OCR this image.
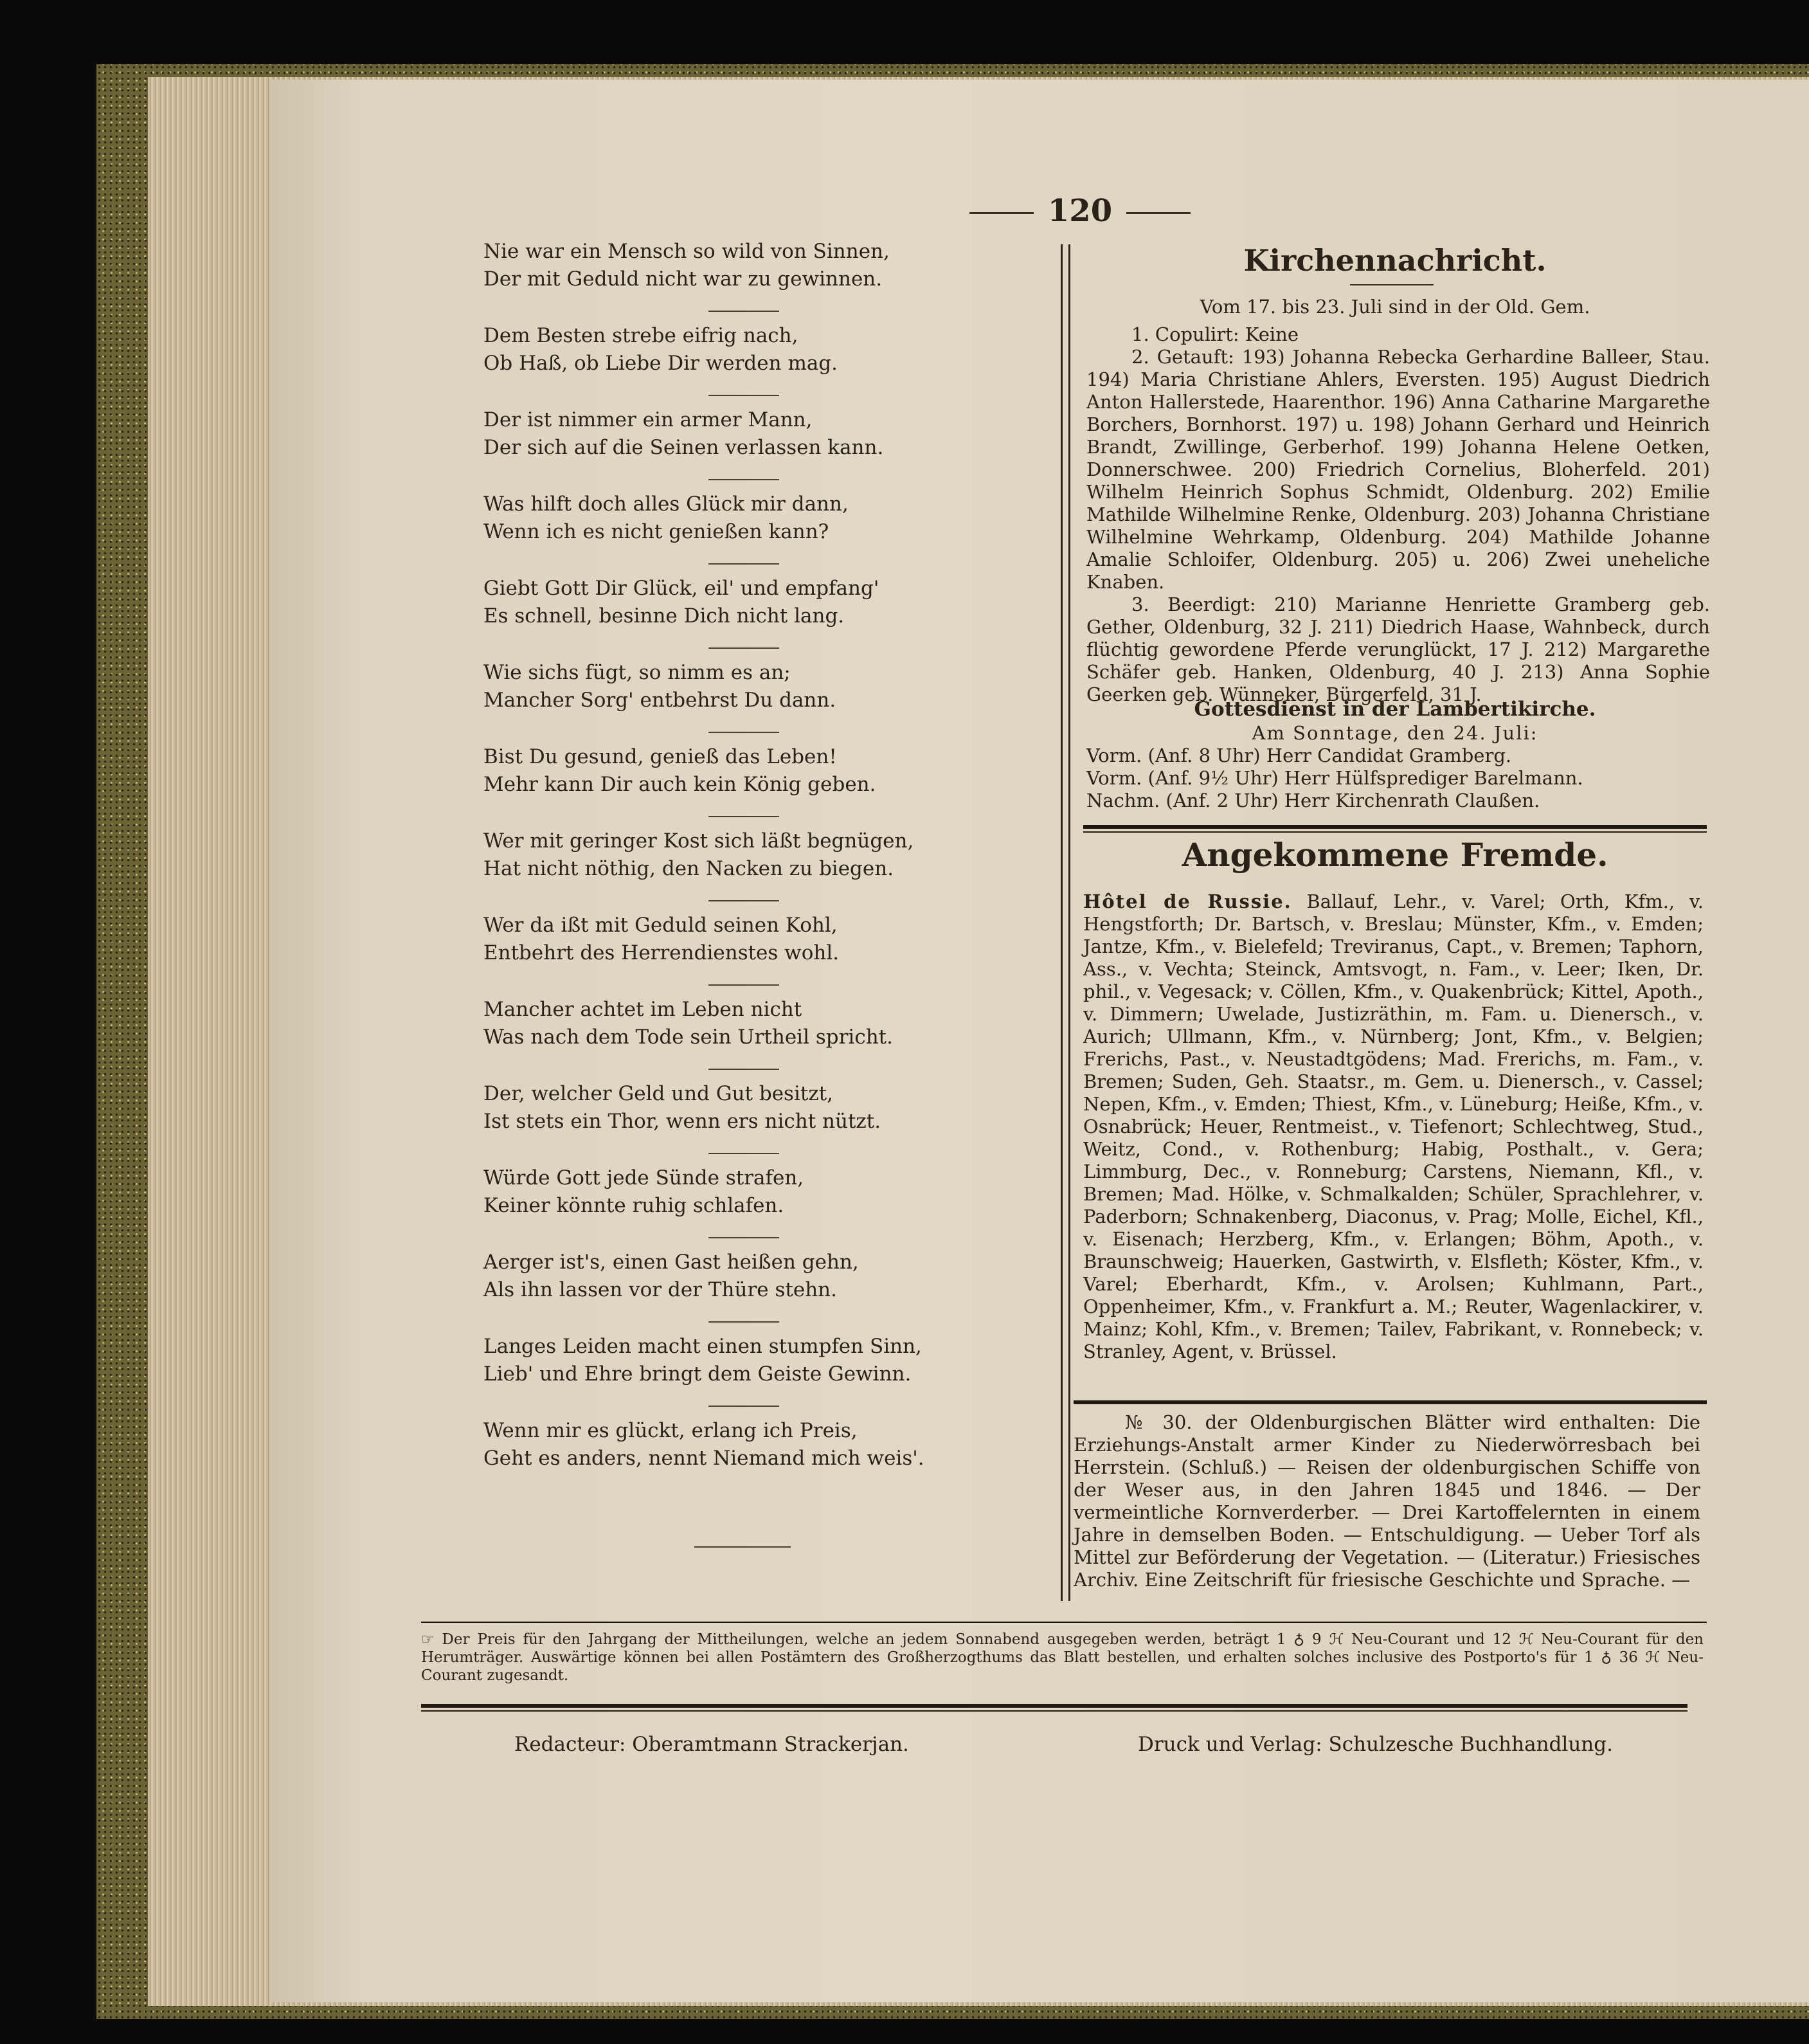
120
Nie war ein Mensch so wild von Sinnen,
Der mit Geduld nicht war zu gewinnen.
Dem Besten strebe eifrig nach,
Ob Haß, ob Liebe Dir werden mag.
Der ist nimmer ein armer Mann,
Der sich auf die Seinen verlassen kann.
Was hilft doch alles Glück mir dann,
Wenn ich es nicht genießen kann?
Giebt Gott Dir Glück, eil' und empfang'
Es schnell, besinne Dich nicht lang.
Wie sichs fügt, so nimm es an;
Mancher Sorg' entbehrst Du dann.
Bist Du gesund, genieß das Leben!
Mehr kann Dir auch kein König geben.
Wer mit geringer Kost sich läßt begnügen,
Hat nicht nöthig, den Nacken zu biegen.
Wer da ißt mit Geduld seinen Kohl,
Entbehrt des Herrendienstes wohl.
Mancher achtet im Leben nicht
Was nach dem Tode sein Urtheil spricht.
Der, welcher Geld und Gut besitzt,
Ist stets ein Thor, wenn ers nicht nützt.
Würde Gott jede Sünde strafen,
Keiner könnte ruhig schlafen.
Aerger ist's, einen Gast heißen gehn,
Als ihn lassen vor der Thüre stehn.
Langes Leiden macht einen stumpfen Sinn,
Lieb' und Ehre bringt dem Geiste Gewinn.
Wenn mir es glückt, erlang ich Preis,
Geht es anders, nennt Niemand mich weis'.
Kirchennachricht.
Vom 17. bis 23. Juli sind in der Old. Gem.

1. Copulirt: Keine

2. Getauft: 193) Johanna Rebecka Gerhardine Balleer, Stau. 194) Maria Christiane Ahlers, Eversten. 195) August Diedrich Anton Hallerstede, Haarenthor. 196) Anna Catharine Margarethe Borchers, Bornhorst. 197) u. 198) Johann Gerhard und Heinrich Brandt, Zwillinge, Gerberhof. 199) Johanna Helene Oetken, Donnerschwee. 200) Friedrich Cornelius, Bloherfeld. 201) Wilhelm Heinrich Sophus Schmidt, Oldenburg. 202) Emilie Mathilde Wilhelmine Renke, Oldenburg. 203) Johanna Christiane Wilhelmine Wehrkamp, Oldenburg. 204) Mathilde Johanne Amalie Schloifer, Oldenburg. 205) u. 206) Zwei uneheliche Knaben.

3. Beerdigt: 210) Marianne Henriette Gramberg geb. Gether, Oldenburg, 32 J. 211) Diedrich Haase, Wahnbeck, durch flüchtig gewordene Pferde verunglückt, 17 J. 212) Margarethe Schäfer geb. Hanken, Oldenburg, 40 J. 213) Anna Sophie Geerken geb. Wünneker, Bürgerfeld, 31 J.

Gottesdienst in der Lambertikirche.
Am Sonntage, den 24. Juli:
Vorm. (Anf. 8 Uhr) Herr Candidat Gramberg.
Vorm. (Anf. 9½ Uhr) Herr Hülfsprediger Barelmann.
Nachm. (Anf. 2 Uhr) Herr Kirchenrath Claußen.
Angekommene Fremde.
Hôtel de Russie. Ballauf, Lehr., v. Varel; Orth, Kfm., v. Hengstforth; Dr. Bartsch, v. Breslau; Münster, Kfm., v. Emden; Jantze, Kfm., v. Bielefeld; Treviranus, Capt., v. Bremen; Taphorn, Ass., v. Vechta; Steinck, Amtsvogt, n. Fam., v. Leer; Iken, Dr. phil., v. Vegesack; v. Cöllen, Kfm., v. Quakenbrück; Kittel, Apoth., v. Dimmern; Uwelade, Justizräthin, m. Fam. u. Dienersch., v. Aurich; Ullmann, Kfm., v. Nürnberg; Jont, Kfm., v. Belgien; Frerichs, Past., v. Neustadtgödens; Mad. Frerichs, m. Fam., v. Bremen; Suden, Geh. Staatsr., m. Gem. u. Dienersch., v. Cassel; Nepen, Kfm., v. Emden; Thiest, Kfm., v. Lüneburg; Heiße, Kfm., v. Osnabrück; Heuer, Rentmeist., v. Tiefenort; Schlechtweg, Stud., Weitz, Cond., v. Rothenburg; Habig, Posthalt., v. Gera; Limmburg, Dec., v. Ronneburg; Carstens, Niemann, Kfl., v. Bremen; Mad. Hölke, v. Schmalkalden; Schüler, Sprachlehrer, v. Paderborn; Schnakenberg, Diaconus, v. Prag; Molle, Eichel, Kfl., v. Eisenach; Herzberg, Kfm., v. Erlangen; Böhm, Apoth., v. Braunschweig; Hauerken, Gastwirth, v. Elsfleth; Köster, Kfm., v. Varel; Eberhardt, Kfm., v. Arolsen; Kuhlmann, Part., Oppenheimer, Kfm., v. Frankfurt a. M.; Reuter, Wagenlackirer, v. Mainz; Kohl, Kfm., v. Bremen; Tailev, Fabrikant, v. Ronnebeck; v. Stranley, Agent, v. Brüssel.

№ 30. der Oldenburgischen Blätter wird enthalten: Die Erziehungs-Anstalt armer Kinder zu Niederwörresbach bei Herrstein. (Schluß.) — Reisen der oldenburgischen Schiffe von der Weser aus, in den Jahren 1845 und 1846. — Der vermeintliche Kornverderber. — Drei Kartoffelernten in einem Jahre in demselben Boden. — Entschuldigung. — Ueber Torf als Mittel zur Beförderung der Vegetation. — (Literatur.) Friesisches Archiv. Eine Zeitschrift für friesische Geschichte und Sprache. —

☞ Der Preis für den Jahrgang der Mittheilungen, welche an jedem Sonnabend ausgegeben werden, beträgt 1 ♁ 9 ℋ Neu-Courant und 12 ℋ Neu-Courant für den Herumträger. Auswärtige können bei allen Postämtern des Großherzogthums das Blatt bestellen, und erhalten solches inclusive des Postporto's für 1 ♁ 36 ℋ Neu-Courant zugesandt.

Redacteur: Oberamtmann Strackerjan.	Druck und Verlag: Schulzesche Buchhandlung.
